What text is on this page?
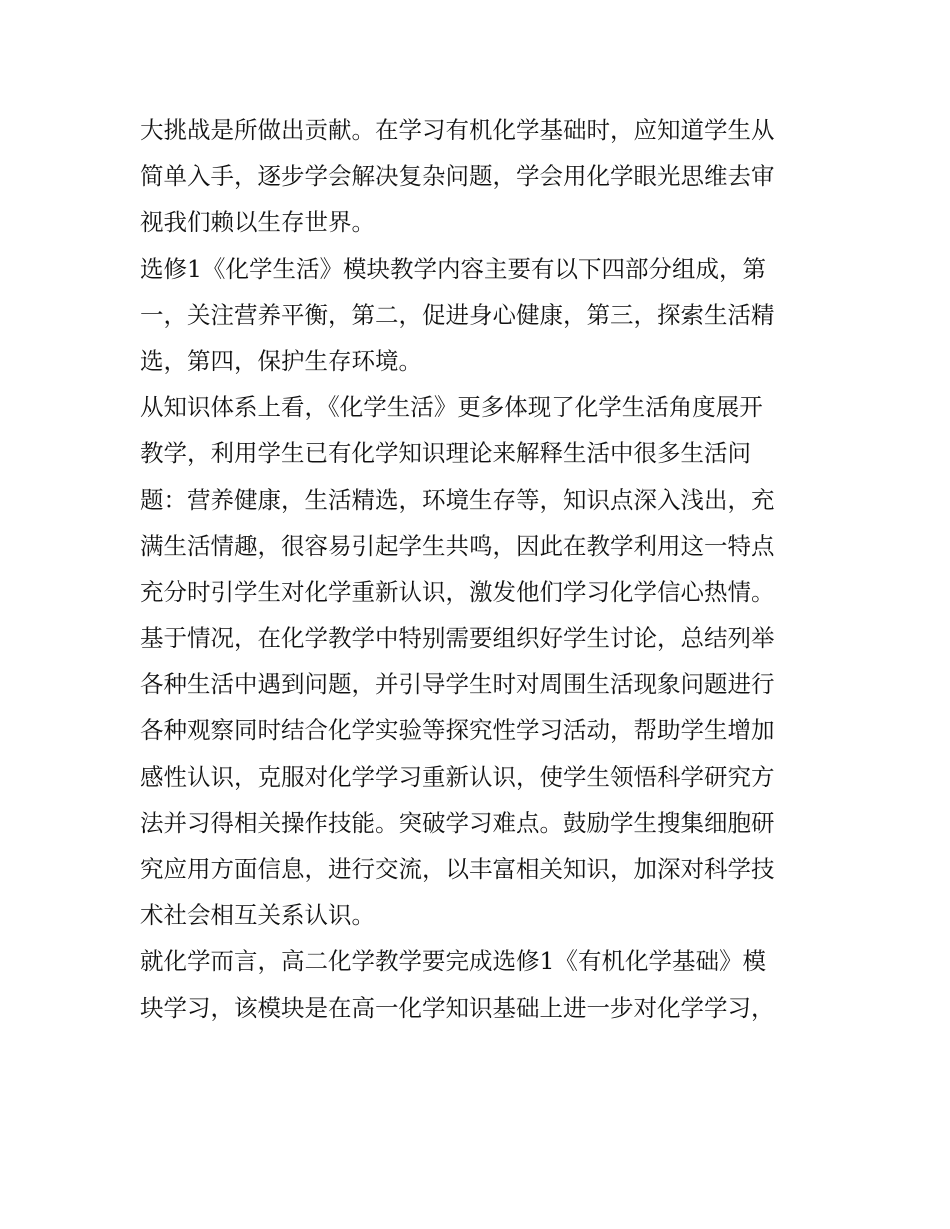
大挑战是所做出贡献。在学习有机化学基础时，应知道学生从
简单入手，逐步学会解决复杂问题，学会用化学眼光思维去审
视我们赖以生存世界。
选修1《化学生活》模块教学内容主要有以下四部分组成，第
一，关注营养平衡，第二，促进身心健康，第三，探索生活精
选，第四，保护生存环境。
从知识体系上看，《化学生活》更多体现了化学生活角度展开
教学，利用学生已有化学知识理论来解释生活中很多生活问
题：营养健康，生活精选，环境生存等，知识点深入浅出，充
满生活情趣，很容易引起学生共鸣，因此在教学利用这一特点
充分时引学生对化学重新认识，激发他们学习化学信心热情。
基于情况，在化学教学中特别需要组织好学生讨论，总结列举
各种生活中遇到问题，并引导学生时对周围生活现象问题进行
各种观察同时结合化学实验等探究性学习活动，帮助学生增加
感性认识，克服对化学学习重新认识，使学生领悟科学研究方
法并习得相关操作技能。突破学习难点。鼓励学生搜集细胞研
究应用方面信息，进行交流，以丰富相关知识，加深对科学技
术社会相互关系认识。
就化学而言，高二化学教学要完成选修1《有机化学基础》模
块学习，该模块是在高一化学知识基础上进一步对化学学习，
